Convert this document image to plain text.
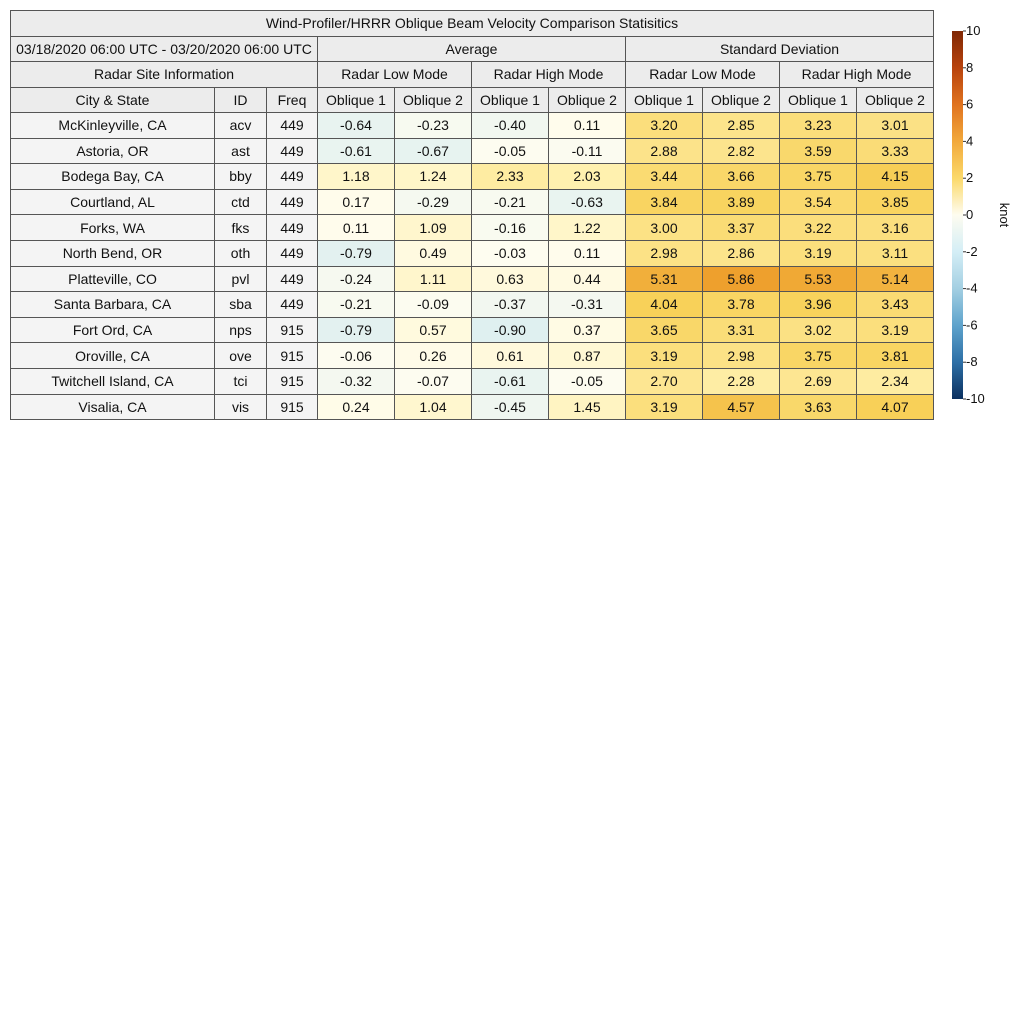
Wind-Profiler/HRRR Oblique Beam Velocity Comparison Statisitics										
03/18/2020 06:00 UTC - 03/20/2020 06:00 UTC			Average				Standard Deviation			
Radar Site Information			Radar Low Mode		Radar High Mode		Radar Low Mode		Radar High Mode	
City & State	ID	Freq	Oblique 1	Oblique 2	Oblique 1	Oblique 2	Oblique 1	Oblique 2	Oblique 1	Oblique 2
McKinleyville, CA	acv	449	-0.64	-0.23	-0.40	0.11	3.20	2.85	3.23	3.01
Astoria, OR	ast	449	-0.61	-0.67	-0.05	-0.11	2.88	2.82	3.59	3.33
Bodega Bay, CA	bby	449	1.18	1.24	2.33	2.03	3.44	3.66	3.75	4.15
Courtland, AL	ctd	449	0.17	-0.29	-0.21	-0.63	3.84	3.89	3.54	3.85
Forks, WA	fks	449	0.11	1.09	-0.16	1.22	3.00	3.37	3.22	3.16
North Bend, OR	oth	449	-0.79	0.49	-0.03	0.11	2.98	2.86	3.19	3.11
Platteville, CO	pvl	449	-0.24	1.11	0.63	0.44	5.31	5.86	5.53	5.14
Santa Barbara, CA	sba	449	-0.21	-0.09	-0.37	-0.31	4.04	3.78	3.96	3.43
Fort Ord, CA	nps	915	-0.79	0.57	-0.90	0.37	3.65	3.31	3.02	3.19
Oroville, CA	ove	915	-0.06	0.26	0.61	0.87	3.19	2.98	3.75	3.81
Twitchell Island, CA	tci	915	-0.32	-0.07	-0.61	-0.05	2.70	2.28	2.69	2.34
Visalia, CA	vis	915	0.24	1.04	-0.45	1.45	3.19	4.57	3.63	4.07
10
8
6
4
2
0
-2
-4
-6
-8
-10
knot
